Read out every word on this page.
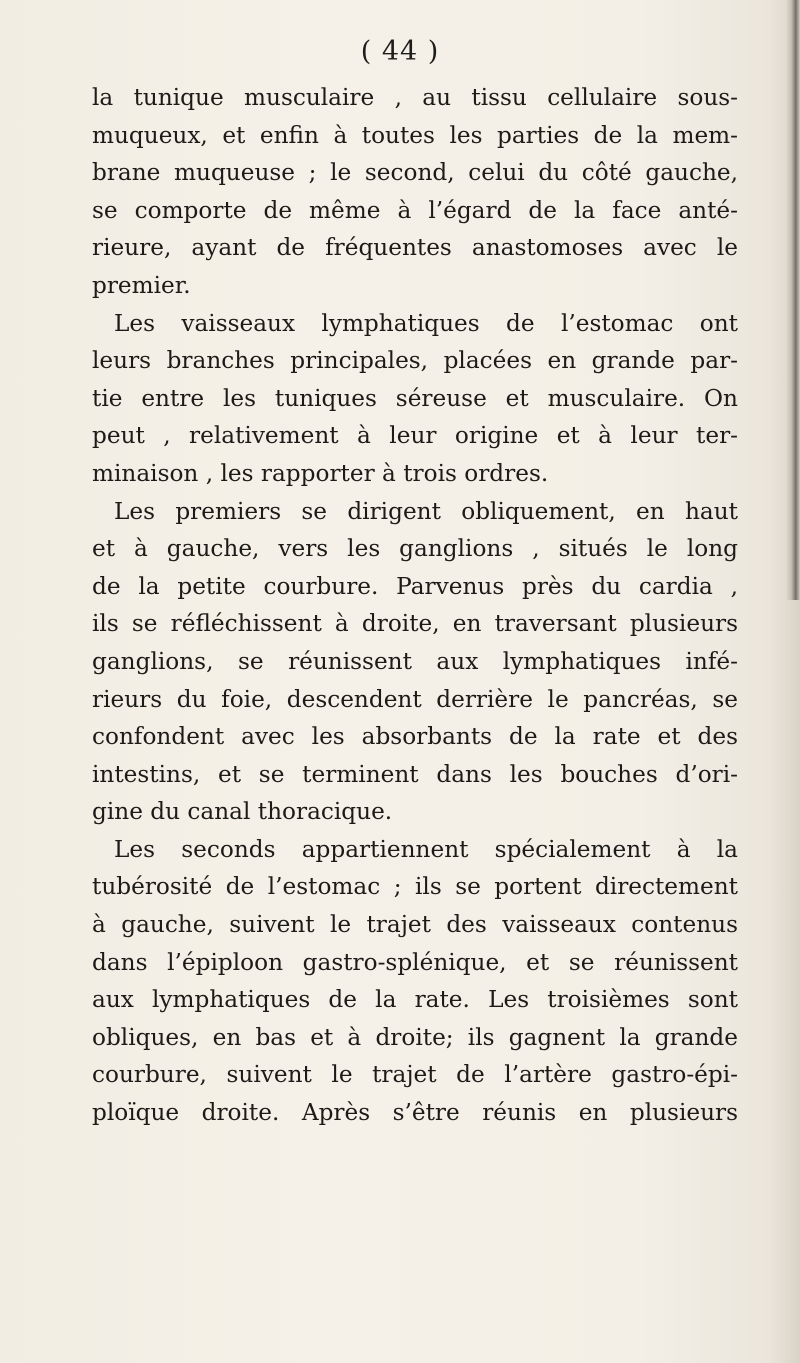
( 44 )
la tunique musculaire , au tissu cellulaire sous-
muqueux, et enfin à toutes les parties de la mem-
brane muqueuse ; le second, celui du côté gauche,
se comporte de même à l’égard de la face anté-
rieure, ayant de fréquentes anastomoses avec le
premier.
Les vaisseaux lymphatiques de l’estomac ont
leurs branches principales, placées en grande par-
tie entre les tuniques séreuse et musculaire. On
peut , relativement à leur origine et à leur ter-
minaison , les rapporter à trois ordres.
Les premiers se dirigent obliquement, en haut
et à gauche, vers les ganglions , situés le long
de la petite courbure. Parvenus près du cardia ,
ils se réfléchissent à droite, en traversant plusieurs
ganglions, se réunissent aux lymphatiques infé-
rieurs du foie, descendent derrière le pancréas, se
confondent avec les absorbants de la rate et des
intestins, et se terminent dans les bouches d’ori-
gine du canal thoracique.
Les seconds appartiennent spécialement à la
tubérosité de l’estomac ; ils se portent directement
à gauche, suivent le trajet des vaisseaux contenus
dans l’épiploon gastro-splénique, et se réunissent
aux lymphatiques de la rate. Les troisièmes sont
obliques, en bas et à droite; ils gagnent la grande
courbure, suivent le trajet de l’artère gastro-épi-
ploïque droite. Après s’être réunis en plusieurs
